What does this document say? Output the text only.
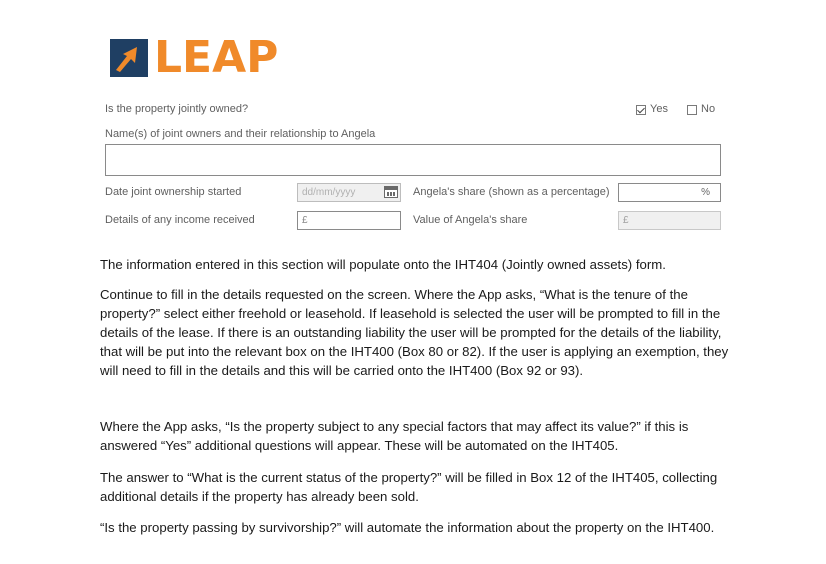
LEAP
Is the property jointly owned?	Yes	No
Name(s) of joint owners and their relationship to Angela
Date joint ownership started	dd/mm/yyyy	Angela's share (shown as a percentage)	%
Details of any income received	£	Value of Angela's share	£

The information entered in this section will populate onto the IHT404 (Jointly owned assets) form.

Continue to fill in the details requested on the screen. Where the App asks, “What is the tenure of the property?” select either freehold or leasehold. If leasehold is selected the user will be prompted to fill in the details of the lease. If there is an outstanding liability the user will be prompted for the details of the liability, that will be put into the relevant box on the IHT400 (Box 80 or 82). If the user is applying an exemption, they will need to fill in the details and this will be carried onto the IHT400 (Box 92 or 93).

Where the App asks, “Is the property subject to any special factors that may affect its value?” if this is answered “Yes” additional questions will appear. These will be automated on the IHT405.

The answer to “What is the current status of the property?” will be filled in Box 12 of the IHT405, collecting additional details if the property has already been sold.

“Is the property passing by survivorship?” will automate the information about the property on the IHT400.
